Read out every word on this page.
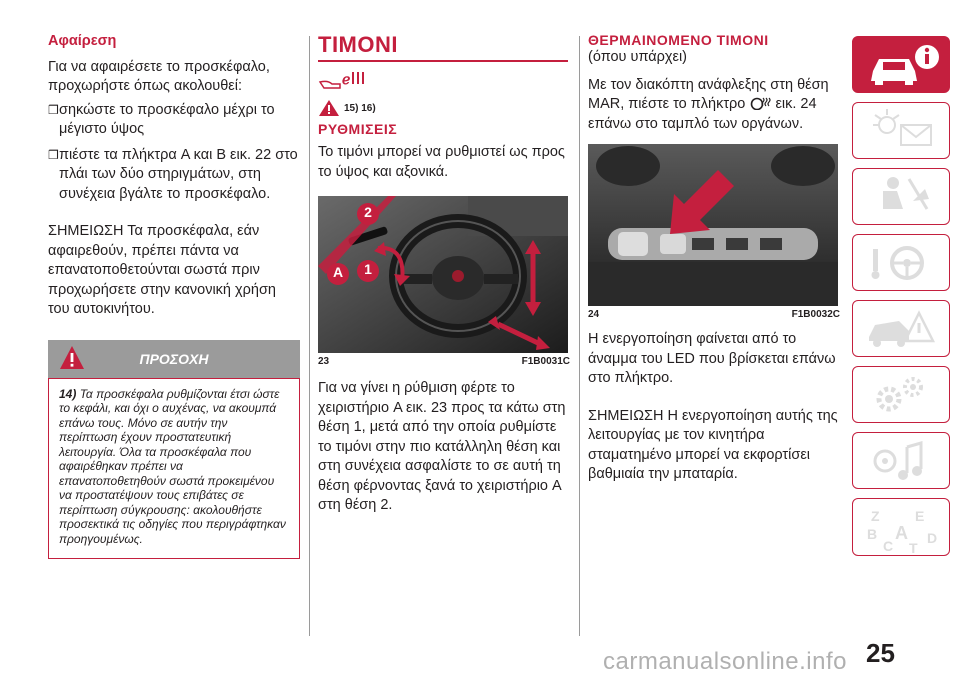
Αφαίρεση
Για να αφαιρέσετε το προσκέφαλο, προχωρήστε όπως ακολουθεί:
❒ σηκώστε το προσκέφαλο μέχρι το μέγιστο ύψος
❒ πιέστε τα πλήκτρα A και B εικ. 22 στο πλάι των δύο στηριγμάτων, στη συνέχεια βγάλτε το προσκέφαλο.
ΣΗΜΕΙΩΣΗ Τα προσκέφαλα, εάν αφαιρεθούν, πρέπει πάντα να επανατοποθετούνται σωστά πριν προχωρήσετε στην κανονική χρήση του αυτοκινήτου.
ΠΡΟΣΟΧΗ
14) Τα προσκέφαλα ρυθμίζονται έτσι ώστε το κεφάλι, και όχι ο αυχένας, να ακουμπά επάνω τους. Μόνο σε αυτήν την περίπτωση έχουν προστατευτική λειτουργία. Όλα τα προσκέφαλα που αφαιρέθηκαν πρέπει να επανατοποθετηθούν σωστά προκειμένου να προστατέψουν τους επιβάτες σε περίπτωση σύγκρουσης: ακολουθήστε προσεκτικά τις οδηγίες που περιγράφτηκαν προηγουμένως.
ΤΙΜΟΝΙ
ℯ
15) 16)
ΡΥΘΜΙΣΕΙΣ
Το τιμόνι μπορεί να ρυθμιστεί ως προς το ύψος και αξονικά.
2
A 1
23	F1B0031C
Για να γίνει η ρύθμιση φέρτε το χειριστήριο A εικ. 23 προς τα κάτω στη θέση 1, μετά από την οποία ρυθμίστε το τιμόνι στην πιο κατάλληλη θέση και στη συνέχεια ασφαλίστε το σε αυτή τη θέση φέρνοντας ξανά το χειριστήριο A στη θέση 2.
ΘΕΡΜΑΙΝΟΜΕΝΟ ΤΙΜΟΝΙ
(όπου υπάρχει)
Με τον διακόπτη ανάφλεξης στη θέση MAR, πιέστε το πλήκτρο εικ. 24 επάνω στο ταμπλό των οργάνων.
24	F1B0032C
Η ενεργοποίηση φαίνεται από το άναμμα του LED που βρίσκεται επάνω στο πλήκτρο.
ΣΗΜΕΙΩΣΗ Η ενεργοποίηση αυτής της λειτουργίας με τον κινητήρα σταματημένο μπορεί να εκφορτίσει βαθμιαία την μπαταρία.
Z	E
B A
C T
D
25
carmanualsonline.info
